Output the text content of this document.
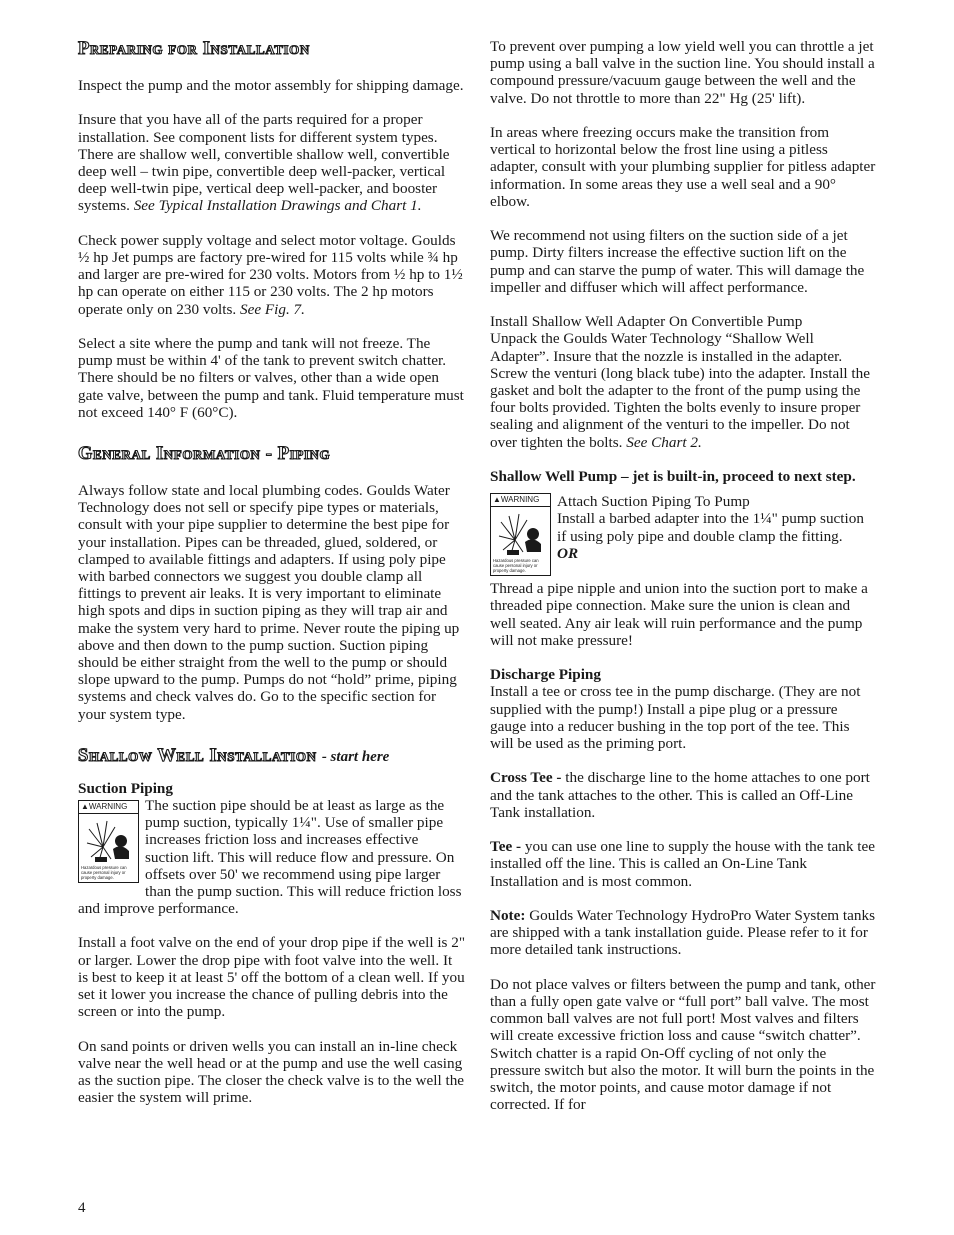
Preparing for Installation

Inspect the pump and the motor assembly for shipping damage.

Insure that you have all of the parts required for a proper installation. See component lists for different system types. There are shallow well, convertible shallow well, convertible deep well – twin pipe, convertible deep well-packer, vertical deep well-twin pipe, vertical deep well-packer, and booster systems. See Typical Installation Drawings and Chart 1.

Check power supply voltage and select motor voltage. Goulds ½ hp Jet pumps are factory pre-wired for 115 volts while ¾ hp and larger are pre-wired for 230 volts. Motors from ½ hp to 1½ hp can operate on either 115 or 230 volts. The 2 hp motors operate only on 230 volts. See Fig. 7.

Select a site where the pump and tank will not freeze. The pump must be within 4' of the tank to prevent switch chatter. There should be no filters or valves, other than a wide open gate valve, between the pump and tank. Fluid temperature must not exceed 140° F (60°C).

General Information - Piping

Always follow state and local plumbing codes. Goulds Water Technology does not sell or specify pipe types or materials, consult with your pipe supplier to determine the best pipe for your installation. Pipes can be threaded, glued, soldered, or clamped to available fittings and adapters. If using poly pipe with barbed connectors we suggest you double clamp all fittings to prevent air leaks. It is very important to eliminate high spots and dips in suction piping as they will trap air and make the system very hard to prime. Never route the piping up above and then down to the pump suction. Suction piping should be either straight from the well to the pump or should slope upward to the pump. Pumps do not “hold” prime, piping systems and check valves do. Go to the specific section for your system type.

Shallow Well Installation - start here
Suction Piping
▲WARNING
Hazardous pressure can cause personal injury or property damage.
The suction pipe should be at least as large as the pump suction, typically 1¼". Use of smaller pipe increases friction loss and increases effective suction lift. This will reduce flow and pressure. On offsets over 50' we recommend using pipe larger than the pump suction. This will reduce friction loss and improve performance.

Install a foot valve on the end of your drop pipe if the well is 2" or larger. Lower the drop pipe with foot valve into the well. It is best to keep it at least 5' off the bottom of a clean well. If you set it lower you increase the chance of pulling debris into the screen or into the pump.

On sand points or driven wells you can install an in-line check valve near the well head or at the pump and use the well casing as the suction pipe. The closer the check valve is to the well the easier the system will prime.

To prevent over pumping a low yield well you can throttle a jet pump using a ball valve in the suction line. You should install a compound pressure/vacuum gauge between the well and the valve. Do not throttle to more than 22" Hg (25' lift).

In areas where freezing occurs make the transition from vertical to horizontal below the frost line using a pitless adapter, consult with your plumbing supplier for pitless adapter information. In some areas they use a well seal and a 90° elbow.

We recommend not using filters on the suction side of a jet pump. Dirty filters increase the effective suction lift on the pump and can starve the pump of water. This will damage the impeller and diffuser which will affect performance.

Install Shallow Well Adapter On Convertible Pump
Unpack the Goulds Water Technology “Shallow Well Adapter”. Insure that the nozzle is installed in the adapter. Screw the venturi (long black tube) into the adapter. Install the gasket and bolt the adapter to the front of the pump using the four bolts provided. Tighten the bolts evenly to insure proper sealing and alignment of the venturi to the impeller. Do not over tighten the bolts. See Chart 2.

Shallow Well Pump – jet is built-in, proceed to next step.
▲WARNING
Hazardous pressure can cause personal injury or property damage.
Attach Suction Piping To Pump
Install a barbed adapter into the 1¼" pump suction if using poly pipe and double clamp the fitting.
OR

Thread a pipe nipple and union into the suction port to make a threaded pipe connection. Make sure the union is clean and well seated. Any air leak will ruin performance and the pump will not make pressure!

Discharge Piping

Install a tee or cross tee in the pump discharge. (They are not supplied with the pump!) Install a pipe plug or a pressure gauge into a reducer bushing in the top port of the tee. This will be used as the priming port.

Cross Tee - the discharge line to the home attaches to one port and the tank attaches to the other. This is called an Off-Line Tank installation.

Tee - you can use one line to supply the house with the tank tee installed off the line. This is called an On-Line Tank Installation and is most common.

Note: Goulds Water Technology HydroPro Water System tanks are shipped with a tank installation guide. Please refer to it for more detailed tank instructions.

Do not place valves or filters between the pump and tank, other than a fully open gate valve or “full port” ball valve. The most common ball valves are not full port! Most valves and filters will create excessive friction loss and cause “switch chatter”. Switch chatter is a rapid On-Off cycling of not only the pressure switch but also the motor. It will burn the points in the switch, the motor points, and cause motor damage if not corrected. If for

4
